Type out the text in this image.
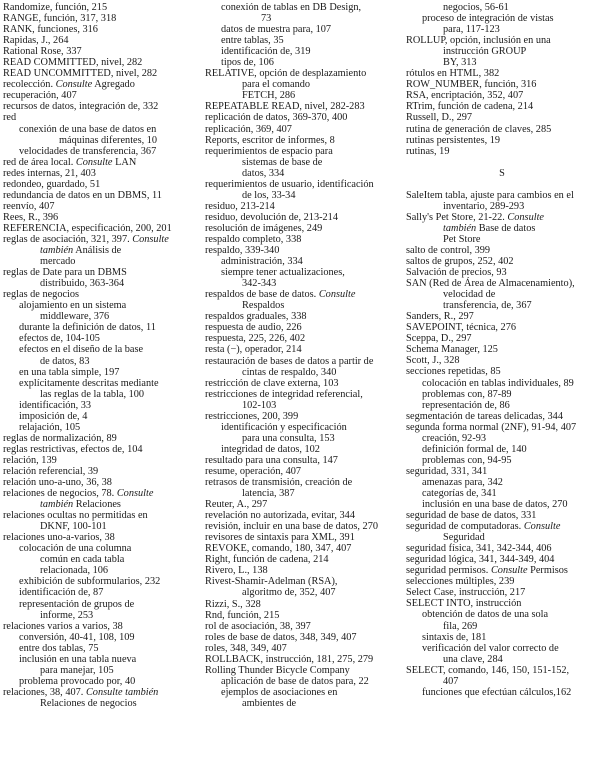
Randomize, función, 215
RANGE, función, 317, 318
RANK, funciones, 316
Rapidas, J., 264
Rational Rose, 337
READ COMMITTED, nivel, 282
READ UNCOMMITTED, nivel, 282
recolección. Consulte Agregado
recuperación, 407
recursos de datos, integración de, 332
red
conexión de una base de datos en
máquinas diferentes, 10
velocidades de transferencia, 367
red de área local. Consulte LAN
redes internas, 21, 403
redondeo, guardado, 51
redundancia de datos en un DBMS, 11
reenvío, 407
Rees, R., 396
REFERENCIA, especificación, 200, 201
reglas de asociación, 321, 397. Consulte
también Análisis de
mercado
reglas de Date para un DBMS
distribuido, 363-364
reglas de negocios
alojamiento en un sistema
middleware, 376
durante la definición de datos, 11
efectos de, 104-105
efectos en el diseño de la base
de datos, 83
en una tabla simple, 197
explícitamente descritas mediante
las reglas de la tabla, 100
identificación, 33
imposición de, 4
relajación, 105
reglas de normalización, 89
reglas restrictivas, efectos de, 104
relación, 139
relación referencial, 39
relación uno-a-uno, 36, 38
relaciones de negocios, 78. Consulte
también Relaciones
relaciones ocultas no permitidas en
DKNF, 100-101
relaciones uno-a-varios, 38
colocación de una columna
común en cada tabla
relacionada, 106
exhibición de subformularios, 232
identificación de, 87
representación de grupos de
informe, 253
relaciones varios a varios, 38
conversión, 40-41, 108, 109
entre dos tablas, 75
inclusión en una tabla nueva
para manejar, 105
problema provocado por, 40
relaciones, 38, 407. Consulte también
Relaciones de negocios
conexión de tablas en DB Design,
73
datos de muestra para, 107
entre tablas, 35
identificación de, 319
tipos de, 106
RELATIVE, opción de desplazamiento
para el comando
FETCH, 286
REPEATABLE READ, nivel, 282-283
replicación de datos, 369-370, 400
replicación, 369, 407
Reports, escritor de informes, 8
requerimientos de espacio para
sistemas de base de
datos, 334
requerimientos de usuario, identificación
de los, 33-34
residuo, 213-214
residuo, devolución de, 213-214
resolución de imágenes, 249
respaldo completo, 338
respaldo, 339-340
administración, 334
siempre tener actualizaciones,
342-343
respaldos de base de datos. Consulte
Respaldos
respaldos graduales, 338
respuesta de audio, 226
respuesta, 225, 226, 402
resta (−), operador, 214
restauración de bases de datos a partir de
cintas de respaldo, 340
restricción de clave externa, 103
restricciones de integridad referencial,
102-103
restricciones, 200, 399
identificación y especificación
para una consulta, 153
integridad de datos, 102
resultado para una consulta, 147
resume, operación, 407
retrasos de transmisión, creación de
latencia, 387
Reuter, A., 297
revelación no autorizada, evitar, 344
revisión, incluir en una base de datos, 270
revisores de sintaxis para XML, 391
REVOKE, comando, 180, 347, 407
Right, función de cadena, 214
Rivero, L., 138
Rivest-Shamir-Adelman (RSA),
algoritmo de, 352, 407
Rizzi, S., 328
Rnd, función, 215
rol de asociación, 38, 397
roles de base de datos, 348, 349, 407
roles, 348, 349, 407
ROLLBACK, instrucción, 181, 275, 279
Rolling Thunder Bicycle Company
aplicación de base de datos para, 22
ejemplos de asociaciones en
ambientes de
negocios, 56-61
proceso de integración de vistas
para, 117-123
ROLLUP, opción, inclusión en una
instrucción GROUP
BY, 313
rótulos en HTML, 382
ROW_NUMBER, función, 316
RSA, encriptación, 352, 407
RTrim, función de cadena, 214
Russell, D., 297
rutina de generación de claves, 285
rutinas persistentes, 19
rutinas, 19
S
SaleItem tabla, ajuste para cambios en el
inventario, 289-293
Sally's Pet Store, 21-22. Consulte
también Base de datos
Pet Store
salto de control, 399
saltos de grupos, 252, 402
Salvación de precios, 93
SAN (Red de Área de Almacenamiento),
velocidad de
transferencia, de, 367
Sanders, R., 297
SAVEPOINT, técnica, 276
Sceppa, D., 297
Schema Manager, 125
Scott, J., 328
secciones repetidas, 85
colocación en tablas individuales, 89
problemas con, 87-89
representación de, 86
segmentación de tareas delicadas, 344
segunda forma normal (2NF), 91-94, 407
creación, 92-93
definición formal de, 140
problemas con, 94-95
seguridad, 331, 341
amenazas para, 342
categorías de, 341
inclusión en una base de datos, 270
seguridad de base de datos, 331
seguridad de computadoras. Consulte
Seguridad
seguridad física, 341, 342-344, 406
seguridad lógica, 341, 344-349, 404
seguridad permisos. Consulte Permisos
selecciones múltiples, 239
Select Case, instrucción, 217
SELECT INTO, instrucción
obtención de datos de una sola
fila, 269
sintaxis de, 181
verificación del valor correcto de
una clave, 284
SELECT, comando, 146, 150, 151-152,
407
funciones que efectúan cálculos,162
